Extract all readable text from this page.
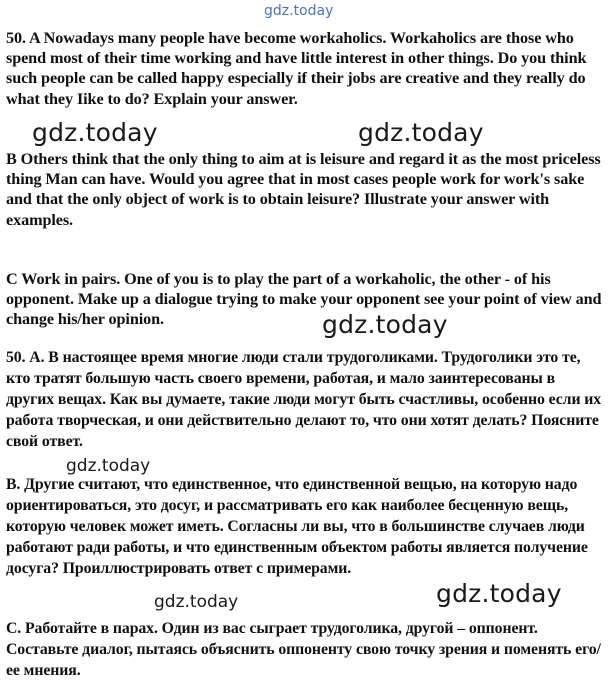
gdz.today

50. A Nowadays many people have become workaholics. Workaholics are those who spend most of their time working and have little interest in other things. Do you think such people can be called happy especially if their jobs are creative and they really do what they Iike to do? Explain your answer.

gdz.today	gdz.today

B Others think that the only thing to aim at is leisure and regard it as the most priceless thing Man can have. Would you agree that in most cases people work for work's sake and that the only object of work is to obtain leisure? Illustrate your answer with examples.

C Work in pairs. One of you is to play the part of a workaholic, the other - of his opponent. Make up a dialogue trying to make your opponent see your point of view and change his/her opinion.	gdz.today

50. А. В настоящее время многие люди стали трудоголиками. Трудоголики это те, кто тратят большую часть своего времени, работая, и мало заинтересованы в других вещах. Как вы думаете, такие люди могут быть счастливы, особенно если их работа творческая, и они действительно делают то, что они хотят делать? Поясните свой ответ.

gdz.today

В. Другие считают, что единственное, что единственной вещью, на которую надо ориентироваться, это досуг, и рассматривать его как наиболее бесценную вещь, которую человек может иметь. Согласны ли вы, что в большинстве случаев люди работают ради работы, и что единственным объектом работы является получение досуга? Проиллюстрировать ответ с примерами.

gdz.today	gdz.today

С. Работайте в парах. Один из вас сыграет трудоголика, другой – оппонент. Составьте диалог, пытаясь объяснить оппоненту свою точку зрения и поменять его/ее мнения.
